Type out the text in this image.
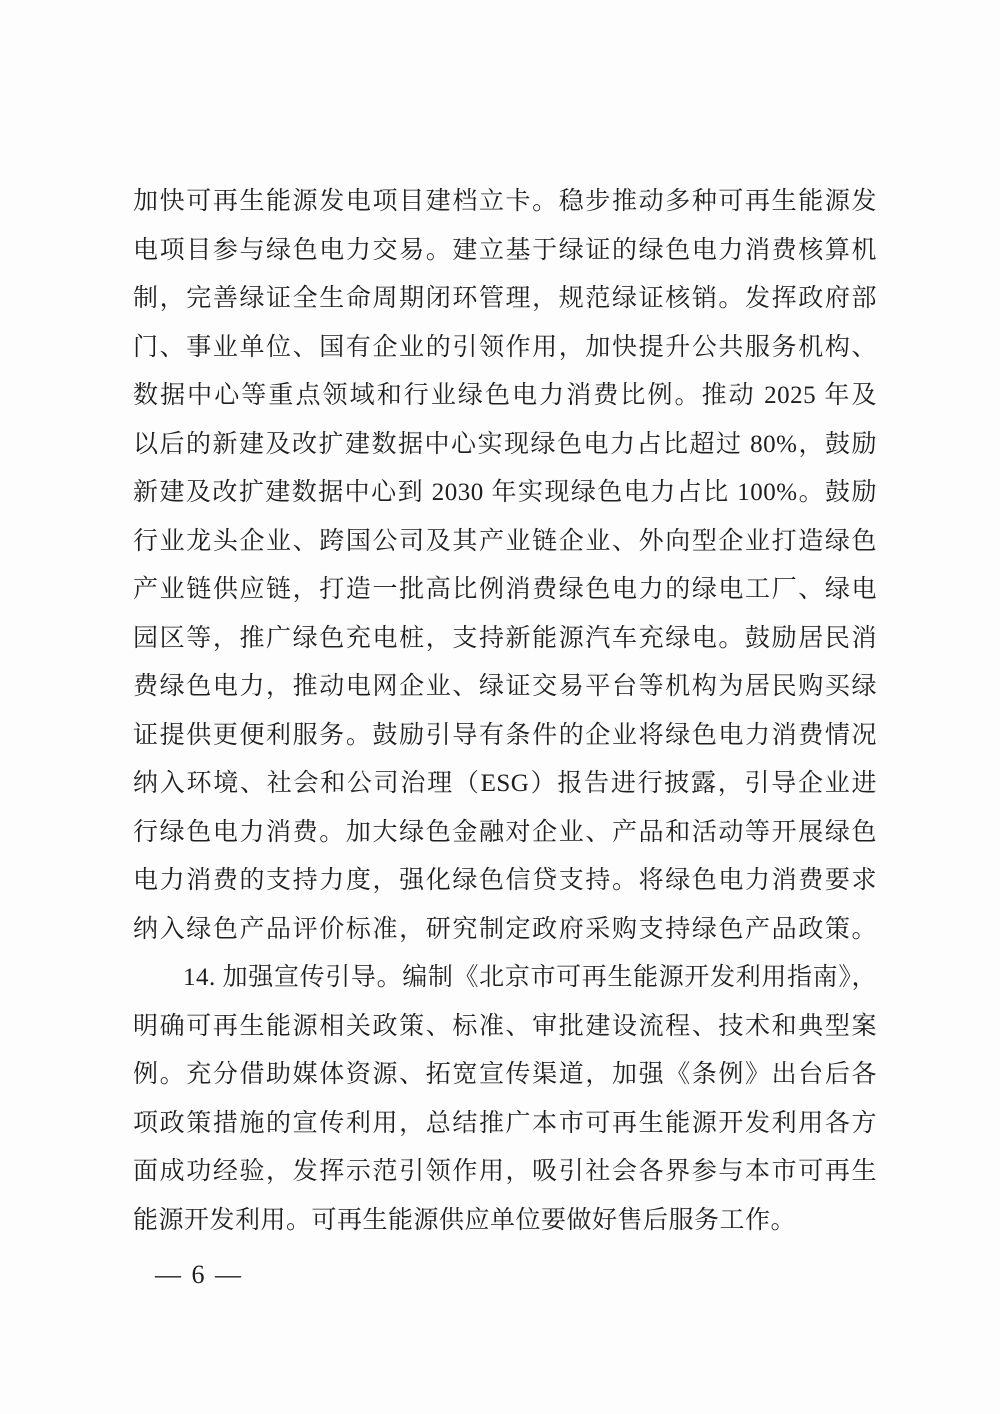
加快可再生能源发电项目建档立卡。稳步推动多种可再生能源发
电项目参与绿色电力交易。建立基于绿证的绿色电力消费核算机
制，完善绿证全生命周期闭环管理，规范绿证核销。发挥政府部
门、事业单位、国有企业的引领作用，加快提升公共服务机构、
数据中心等重点领域和行业绿色电力消费比例。推动 2025 年及
以后的新建及改扩建数据中心实现绿色电力占比超过 80%，鼓励
新建及改扩建数据中心到 2030 年实现绿色电力占比 100%。鼓励
行业龙头企业、跨国公司及其产业链企业、外向型企业打造绿色
产业链供应链，打造一批高比例消费绿色电力的绿电工厂、绿电
园区等，推广绿色充电桩，支持新能源汽车充绿电。鼓励居民消
费绿色电力，推动电网企业、绿证交易平台等机构为居民购买绿
证提供更便利服务。鼓励引导有条件的企业将绿色电力消费情况
纳入环境、社会和公司治理（ESG）报告进行披露，引导企业进
行绿色电力消费。加大绿色金融对企业、产品和活动等开展绿色
电力消费的支持力度，强化绿色信贷支持。将绿色电力消费要求
纳入绿色产品评价标准，研究制定政府采购支持绿色产品政策。
14. 加强宣传引导。编制《北京市可再生能源开发利用指南》，
明确可再生能源相关政策、标准、审批建设流程、技术和典型案
例。充分借助媒体资源、拓宽宣传渠道，加强《条例》出台后各
项政策措施的宣传利用，总结推广本市可再生能源开发利用各方
面成功经验，发挥示范引领作用，吸引社会各界参与本市可再生
能源开发利用。可再生能源供应单位要做好售后服务工作。
— 6 —
